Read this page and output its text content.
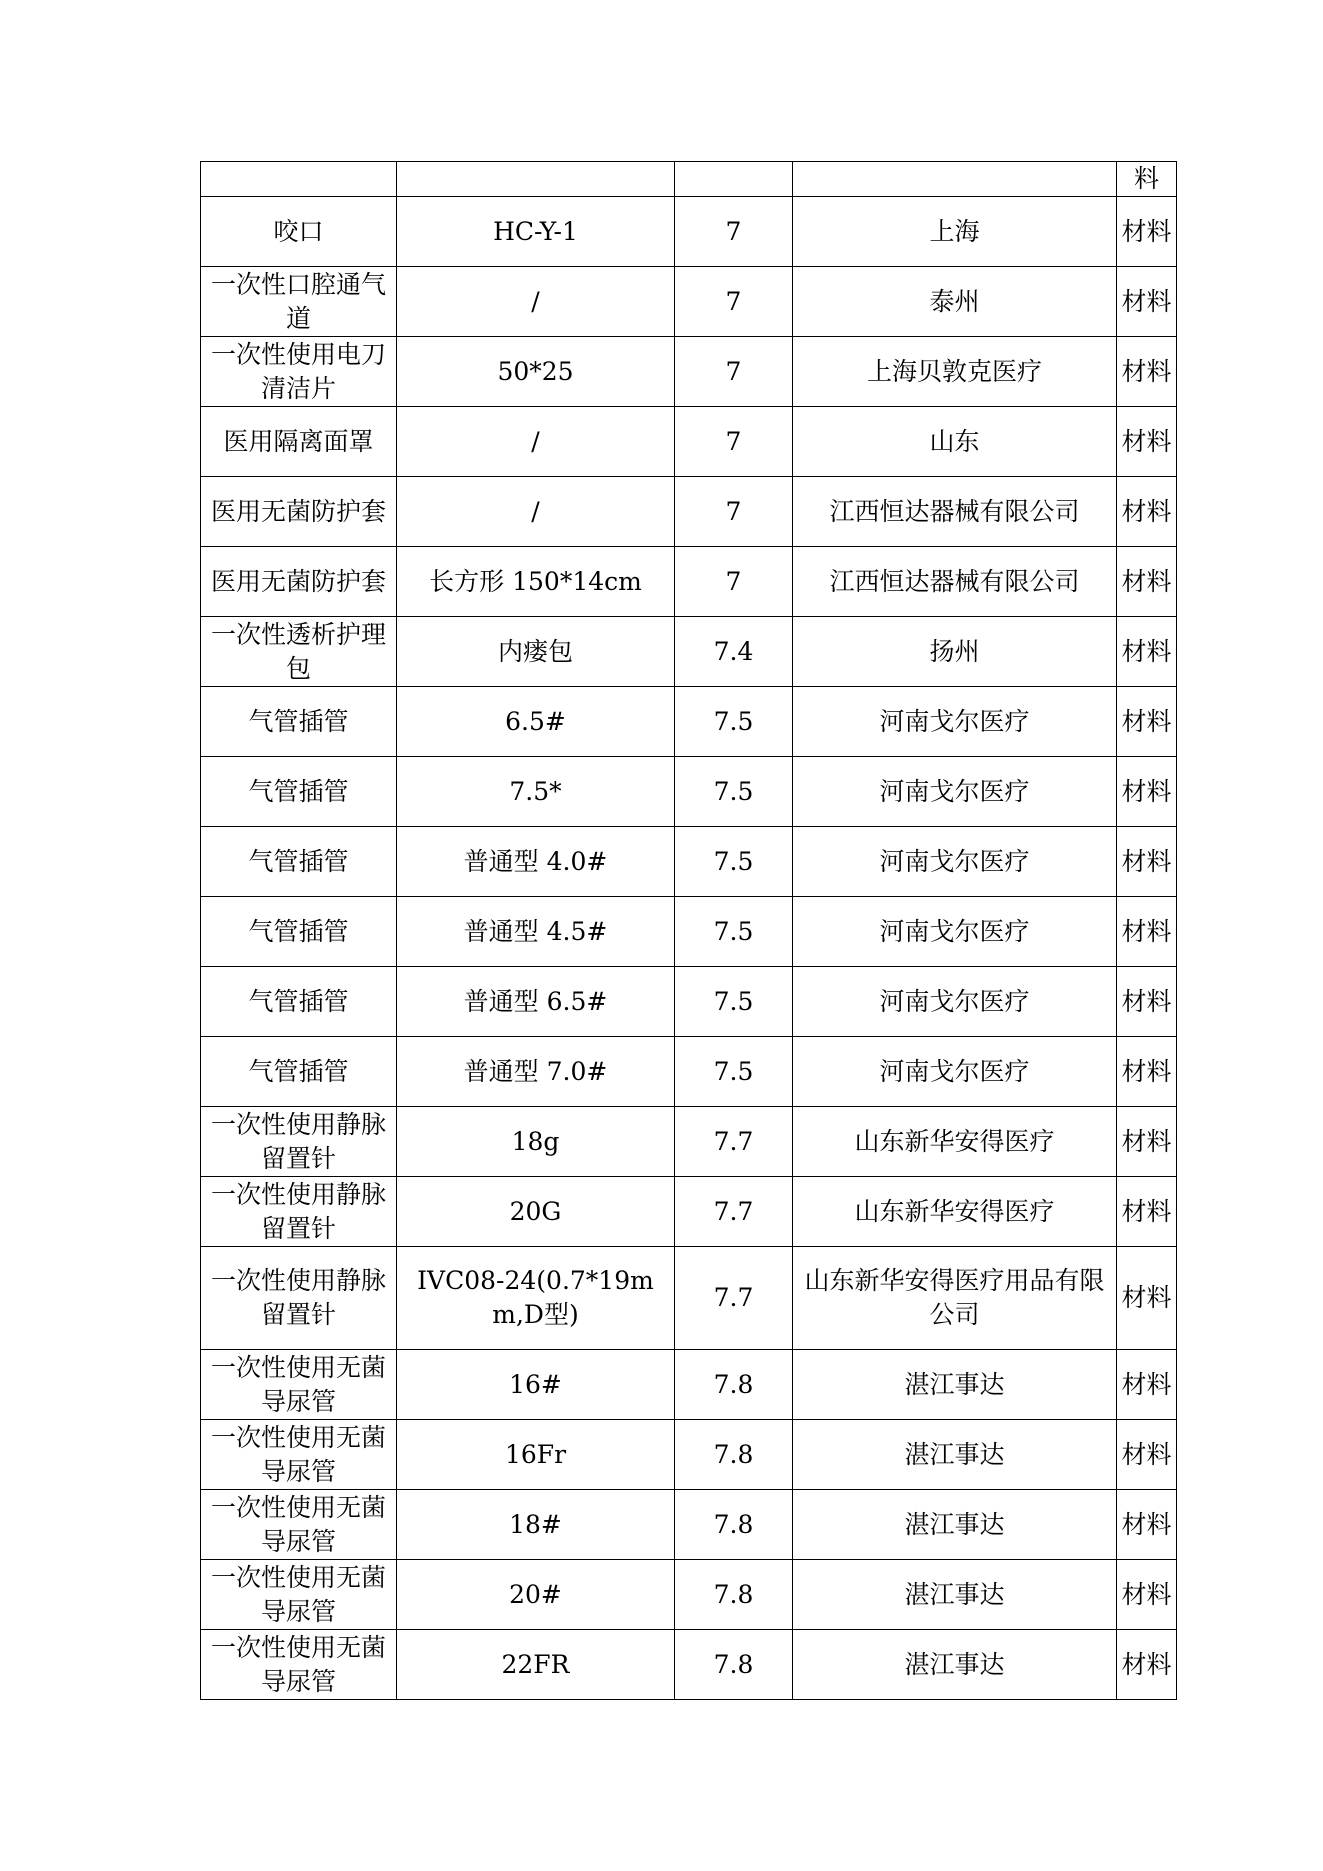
				料
咬口	HC-Y-1	7	上海	材料
一次性口腔通气道	/	7	泰州	材料
一次性使用电刀清洁片	50*25	7	上海贝敦克医疗	材料
医用隔离面罩	/	7	山东	材料
医用无菌防护套	/	7	江西恒达器械有限公司	材料
医用无菌防护套	长方形 150*14cm	7	江西恒达器械有限公司	材料
一次性透析护理包	内瘘包	7.4	扬州	材料
气管插管	6.5#	7.5	河南戈尔医疗	材料
气管插管	7.5*	7.5	河南戈尔医疗	材料
气管插管	普通型 4.0#	7.5	河南戈尔医疗	材料
气管插管	普通型 4.5#	7.5	河南戈尔医疗	材料
气管插管	普通型 6.5#	7.5	河南戈尔医疗	材料
气管插管	普通型 7.0#	7.5	河南戈尔医疗	材料
一次性使用静脉留置针	18g	7.7	山东新华安得医疗	材料
一次性使用静脉留置针	20G	7.7	山东新华安得医疗	材料
一次性使用静脉留置针	IVC08-24(0.7*19mm,D型)	7.7	山东新华安得医疗用品有限公司	材料
一次性使用无菌导尿管	16#	7.8	湛江事达	材料
一次性使用无菌导尿管	16Fr	7.8	湛江事达	材料
一次性使用无菌导尿管	18#	7.8	湛江事达	材料
一次性使用无菌导尿管	20#	7.8	湛江事达	材料
一次性使用无菌导尿管	22FR	7.8	湛江事达	材料
